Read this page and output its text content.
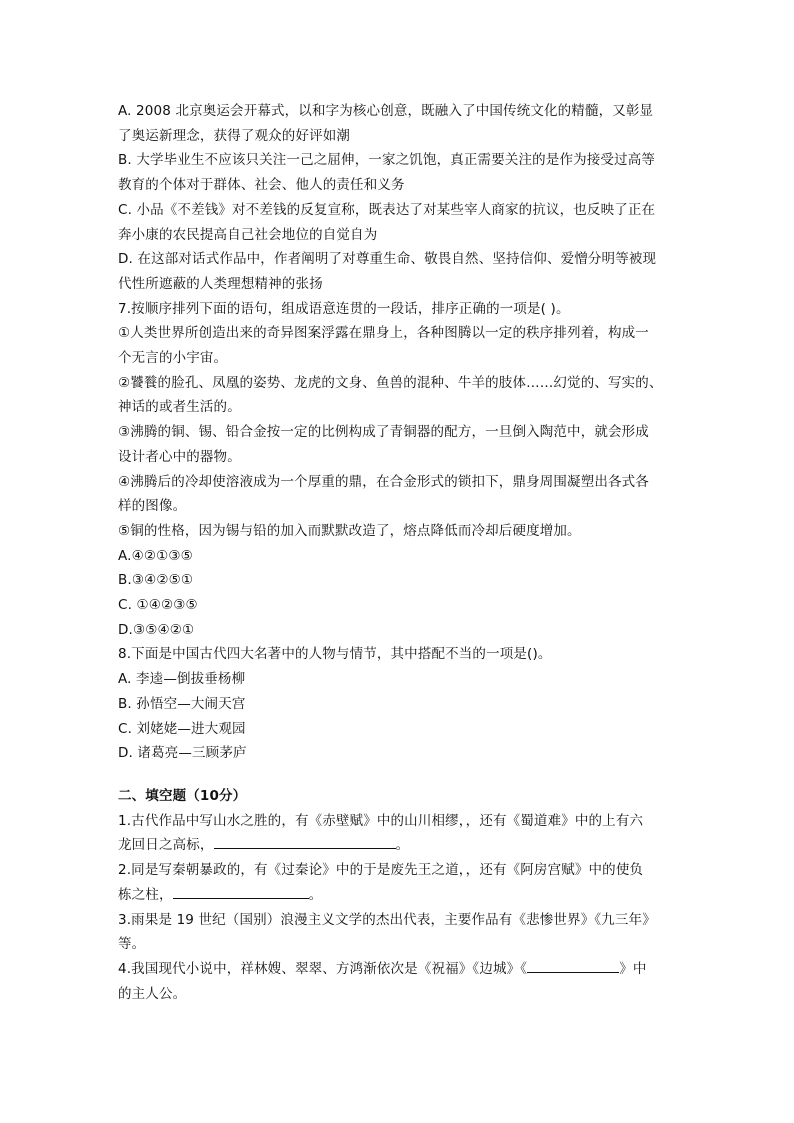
A. 2008 北京奥运会开幕式，以和字为核心创意，既融入了中国传统文化的精髓，又彰显
了奥运新理念，获得了观众的好评如潮
B. 大学毕业生不应该只关注一己之屈伸，一家之饥饱，真正需要关注的是作为接受过高等
教育的个体对于群体、社会、他人的责任和义务
C. 小品《不差钱》对不差钱的反复宣称，既表达了对某些宰人商家的抗议，也反映了正在
奔小康的农民提高自己社会地位的自觉自为
D. 在这部对话式作品中，作者阐明了对尊重生命、敬畏自然、坚持信仰、爱憎分明等被现
代性所遮蔽的人类理想精神的张扬
7.按顺序排列下面的语句，组成语意连贯的一段话，排序正确的一项是( )。
①人类世界所创造出来的奇异图案浮露在鼎身上，各种图腾以一定的秩序排列着，构成一
个无言的小宇宙。
②饕餮的脸孔、凤凰的姿势、龙虎的文身、鱼兽的混种、牛羊的肢体……幻觉的、写实的、
神话的或者生活的。
③沸腾的铜、锡、铅合金按一定的比例构成了青铜器的配方，一旦倒入陶范中，就会形成
设计者心中的器物。
④沸腾后的冷却使溶液成为一个厚重的鼎，在合金形式的锁扣下，鼎身周围凝塑出各式各
样的图像。
⑤铜的性格，因为锡与铅的加入而默默改造了，熔点降低而冷却后硬度增加。
A.④②①③⑤
B.③④②⑤①
C. ①④②③⑤
D.③⑤④②①
8.下面是中国古代四大名著中的人物与情节，其中搭配不当的一项是()。
A. 李逵—倒拔垂杨柳
B. 孙悟空—大闹天宫
C. 刘姥姥—进大观园
D. 诸葛亮—三顾茅庐
二、填空题（10分）
1.古代作品中写山水之胜的，有《赤壁赋》中的山川相缪，，还有《蜀道难》中的上有六
龙回日之高标，	。
2.同是写秦朝暴政的，有《过秦论》中的于是废先王之道，，还有《阿房宫赋》中的使负
栋之柱，	。
3.雨果是 19 世纪（国别）浪漫主义文学的杰出代表，主要作品有《悲惨世界》《九三年》
等。
4.我国现代小说中，祥林嫂、翠翠、方鸿渐依次是《祝福》《边城》《	》中
的主人公。
